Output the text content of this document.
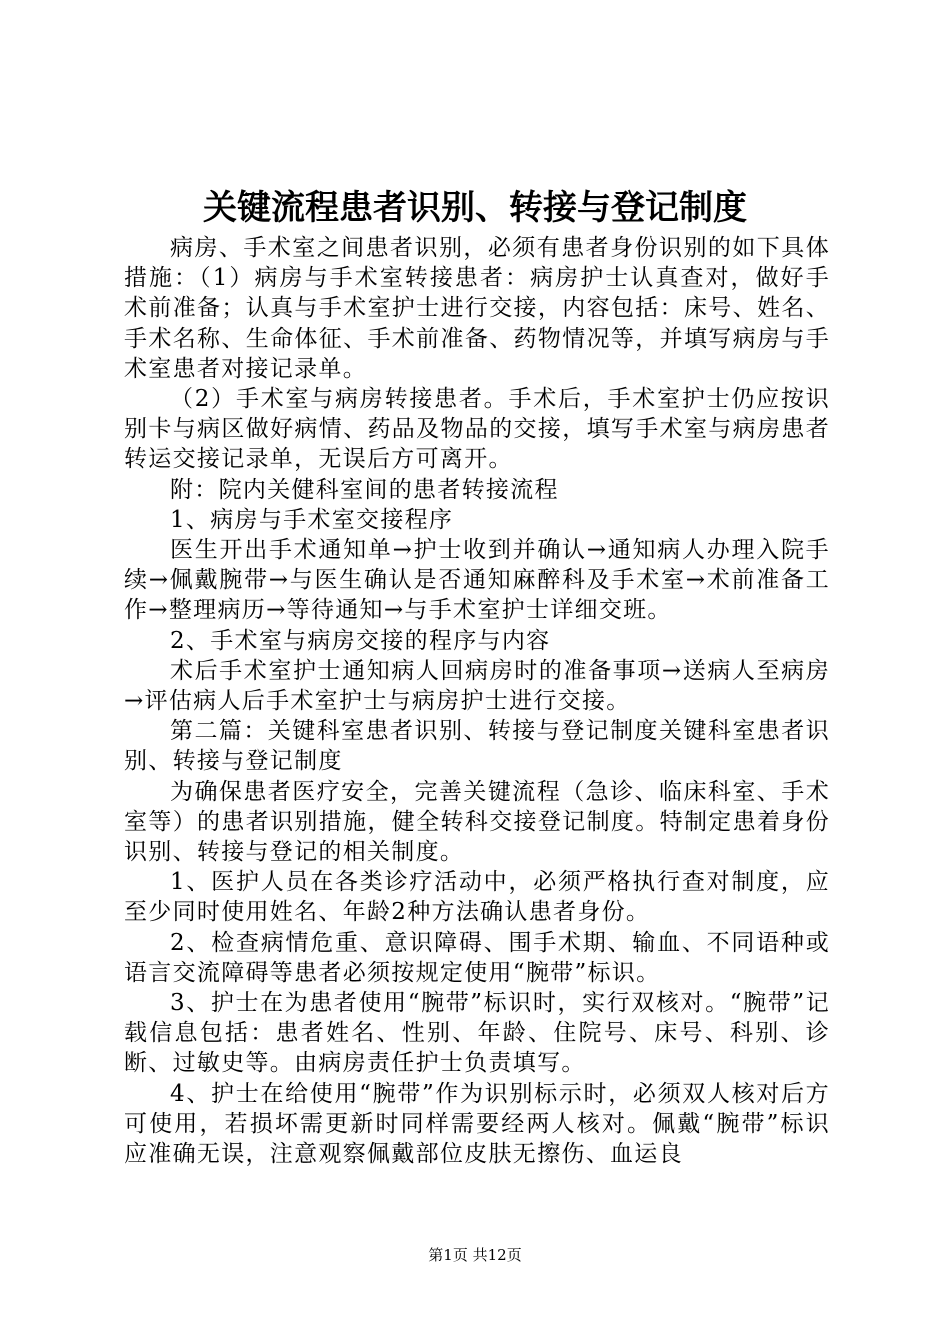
关键流程患者识别、转接与登记制度

病房、手术室之间患者识别，必须有患者身份识别的如下具体措施：（1）病房与手术室转接患者：病房护士认真查对，做好手术前准备；认真与手术室护士进行交接，内容包括：床号、姓名、手术名称、生命体征、手术前准备、药物情况等，并填写病房与手术室患者对接记录单。

（2）手术室与病房转接患者。手术后，手术室护士仍应按识别卡与病区做好病情、药品及物品的交接，填写手术室与病房患者转运交接记录单，无误后方可离开。

附：院内关健科室间的患者转接流程

1、病房与手术室交接程序

医生开出手术通知单→护士收到并确认→通知病人办理入院手续→佩戴腕带→与医生确认是否通知麻醉科及手术室→术前准备工作→整理病历→等待通知→与手术室护士详细交班。

2、手术室与病房交接的程序与内容

术后手术室护士通知病人回病房时的准备事项→送病人至病房→评估病人后手术室护士与病房护士进行交接。

第二篇：关键科室患者识别、转接与登记制度关键科室患者识别、转接与登记制度

为确保患者医疗安全，完善关键流程（急诊、临床科室、手术室等）的患者识别措施，健全转科交接登记制度。特制定患着身份识别、转接与登记的相关制度。

1、医护人员在各类诊疗活动中，必须严格执行查对制度，应至少同时使用姓名、年龄2种方法确认患者身份。

2、检查病情危重、意识障碍、围手术期、输血、不同语种或语言交流障碍等患者必须按规定使用“腕带”标识。

3、护士在为患者使用“腕带”标识时，实行双核对。“腕带”记载信息包括：患者姓名、性别、年龄、住院号、床号、科别、诊断、过敏史等。由病房责任护士负责填写。

4、护士在给使用“腕带”作为识别标示时，必须双人核对后方可使用，若损坏需更新时同样需要经两人核对。佩戴“腕带”标识应准确无误，注意观察佩戴部位皮肤无擦伤、血运良

第1页 共12页
